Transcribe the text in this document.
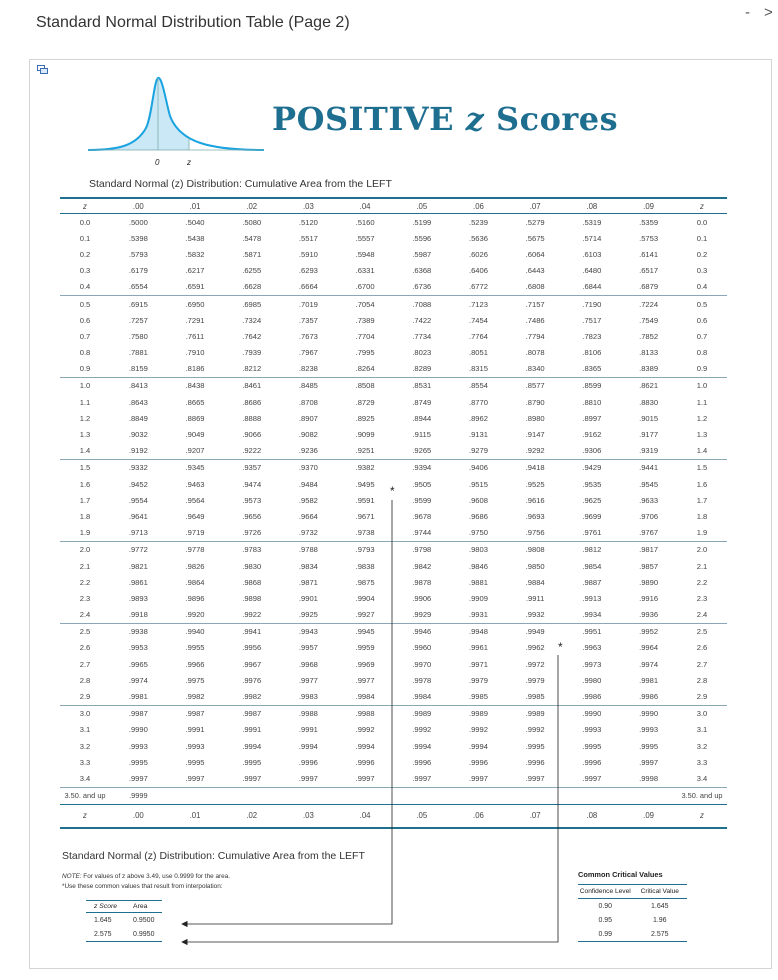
Standard Normal Distribution Table (Page 2)
- >
0	z
POSITIVE z Scores
Standard Normal (z) Distribution: Cumulative Area from the LEFT
z	.00	.01	.02	.03	.04	.05	.06	.07	.08	.09	z
0.0	.5000	.5040	.5080	.5120	.5160	.5199	.5239	.5279	.5319	.5359	0.0
0.1	.5398	.5438	.5478	.5517	.5557	.5596	.5636	.5675	.5714	.5753	0.1
0.2	.5793	.5832	.5871	.5910	.5948	.5987	.6026	.6064	.6103	.6141	0.2
0.3	.6179	.6217	.6255	.6293	.6331	.6368	.6406	.6443	.6480	.6517	0.3
0.4	.6554	.6591	.6628	.6664	.6700	.6736	.6772	.6808	.6844	.6879	0.4
0.5	.6915	.6950	.6985	.7019	.7054	.7088	.7123	.7157	.7190	.7224	0.5
0.6	.7257	.7291	.7324	.7357	.7389	.7422	.7454	.7486	.7517	.7549	0.6
0.7	.7580	.7611	.7642	.7673	.7704	.7734	.7764	.7794	.7823	.7852	0.7
0.8	.7881	.7910	.7939	.7967	.7995	.8023	.8051	.8078	.8106	.8133	0.8
0.9	.8159	.8186	.8212	.8238	.8264	.8289	.8315	.8340	.8365	.8389	0.9
1.0	.8413	.8438	.8461	.8485	.8508	.8531	.8554	.8577	.8599	.8621	1.0
1.1	.8643	.8665	.8686	.8708	.8729	.8749	.8770	.8790	.8810	.8830	1.1
1.2	.8849	.8869	.8888	.8907	.8925	.8944	.8962	.8980	.8997	.9015	1.2
1.3	.9032	.9049	.9066	.9082	.9099	.9115	.9131	.9147	.9162	.9177	1.3
1.4	.9192	.9207	.9222	.9236	.9251	.9265	.9279	.9292	.9306	.9319	1.4
1.5	.9332	.9345	.9357	.9370	.9382	.9394	.9406	.9418	.9429	.9441	1.5
1.6	.9452	.9463	.9474	.9484	.9495	.9505	.9515	.9525	.9535	.9545	1.6
1.7	.9554	.9564	.9573	.9582	.9591	.9599	.9608	.9616	.9625	.9633	1.7
1.8	.9641	.9649	.9656	.9664	.9671	.9678	.9686	.9693	.9699	.9706	1.8
1.9	.9713	.9719	.9726	.9732	.9738	.9744	.9750	.9756	.9761	.9767	1.9
2.0	.9772	.9778	.9783	.9788	.9793	.9798	.9803	.9808	.9812	.9817	2.0
2.1	.9821	.9826	.9830	.9834	.9838	.9842	.9846	.9850	.9854	.9857	2.1
2.2	.9861	.9864	.9868	.9871	.9875	.9878	.9881	.9884	.9887	.9890	2.2
2.3	.9893	.9896	.9898	.9901	.9904	.9906	.9909	.9911	.9913	.9916	2.3
2.4	.9918	.9920	.9922	.9925	.9927	.9929	.9931	.9932	.9934	.9936	2.4
2.5	.9938	.9940	.9941	.9943	.9945	.9946	.9948	.9949	.9951	.9952	2.5
2.6	.9953	.9955	.9956	.9957	.9959	.9960	.9961	.9962	.9963	.9964	2.6
2.7	.9965	.9966	.9967	.9968	.9969	.9970	.9971	.9972	.9973	.9974	2.7
2.8	.9974	.9975	.9976	.9977	.9977	.9978	.9979	.9979	.9980	.9981	2.8
2.9	.9981	.9982	.9982	.9983	.9984	.9984	.9985	.9985	.9986	.9986	2.9
3.0	.9987	.9987	.9987	.9988	.9988	.9989	.9989	.9989	.9990	.9990	3.0
3.1	.9990	.9991	.9991	.9991	.9992	.9992	.9992	.9992	.9993	.9993	3.1
3.2	.9993	.9993	.9994	.9994	.9994	.9994	.9994	.9995	.9995	.9995	3.2
3.3	.9995	.9995	.9995	.9996	.9996	.9996	.9996	.9996	.9996	.9997	3.3
3.4	.9997	.9997	.9997	.9997	.9997	.9997	.9997	.9997	.9997	.9998	3.4
3.50. and up	.9999										3.50. and up
z	.00	.01	.02	.03	.04	.05	.06	.07	.08	.09	z
*
*
Standard Normal (z) Distribution: Cumulative Area from the LEFT
NOTE: For values of z above 3.49, use 0.9999 for the area.
*Use these common values that result from interpolation:
z Score	Area
1.645	0.9500
2.575	0.9950
Common Critical Values
Confidence Level	Critical Value
0.90	1.645
0.95	1.96
0.99	2.575
